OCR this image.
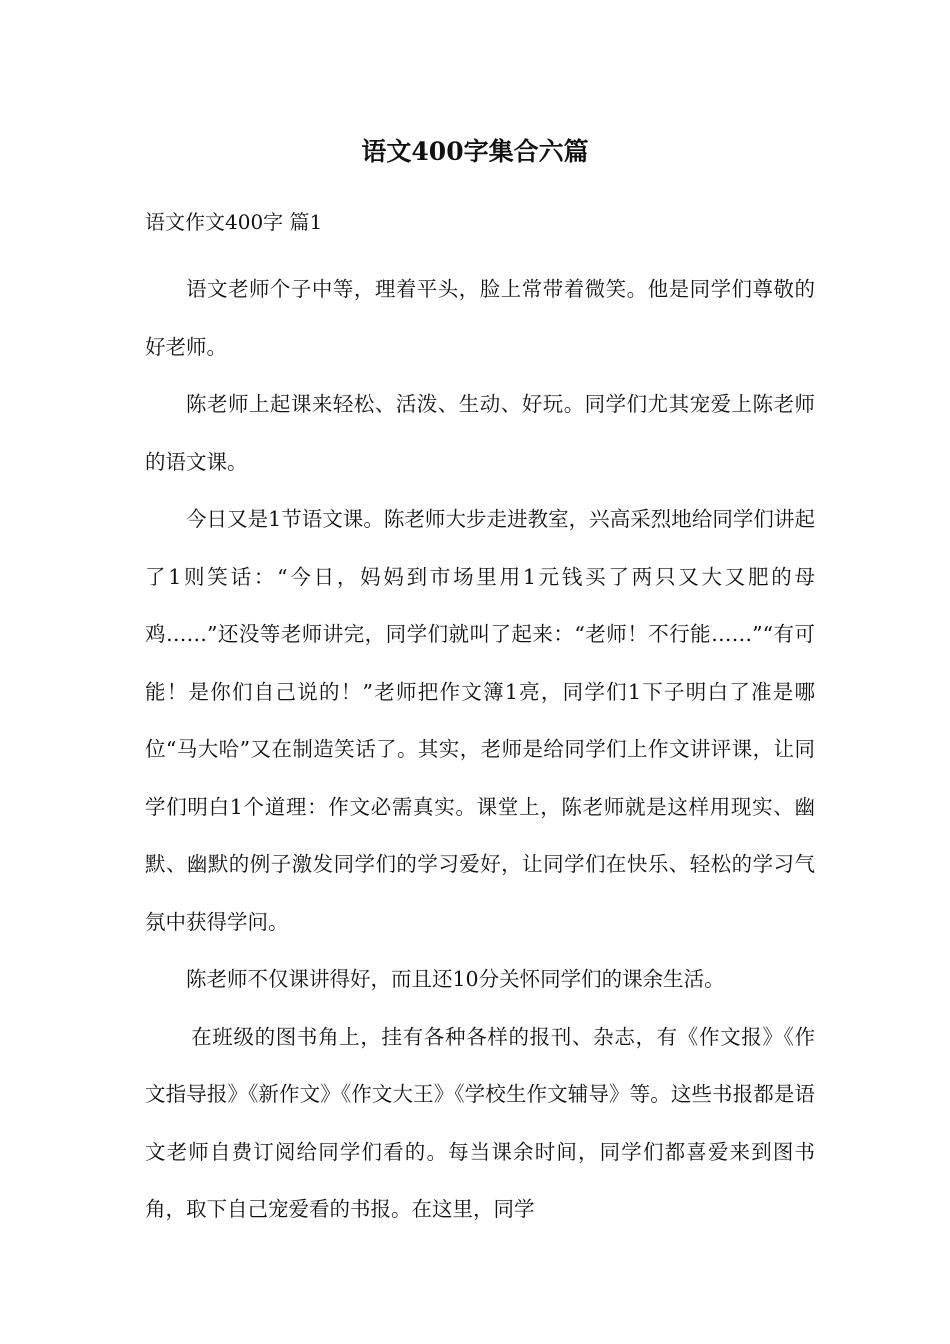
语文400字集合六篇

语文作文400字 篇1

语文老师个子中等，理着平头，脸上常带着微笑。他是同学们尊敬的好老师。

陈老师上起课来轻松、活泼、生动、好玩。同学们尤其宠爱上陈老师的语文课。

今日又是1节语文课。陈老师大步走进教室，兴高采烈地给同学们讲起了1则笑话：“今日，妈妈到市场里用1元钱买了两只又大又肥的母鸡……”还没等老师讲完，同学们就叫了起来：“老师！不行能……”“有可能！是你们自己说的！”老师把作文簿1亮，同学们1下子明白了准是哪位“马大哈”又在制造笑话了。其实，老师是给同学们上作文讲评课，让同学们明白1个道理：作文必需真实。课堂上，陈老师就是这样用现实、幽默、幽默的例子激发同学们的学习爱好，让同学们在快乐、轻松的学习气氛中获得学问。

陈老师不仅课讲得好，而且还10分关怀同学们的课余生活。

在班级的图书角上，挂有各种各样的报刊、杂志，有《作文报》《作文指导报》《新作文》《作文大王》《学校生作文辅导》等。这些书报都是语文老师自费订阅给同学们看的。每当课余时间，同学们都喜爱来到图书角，取下自己宠爱看的书报。在这里，同学
